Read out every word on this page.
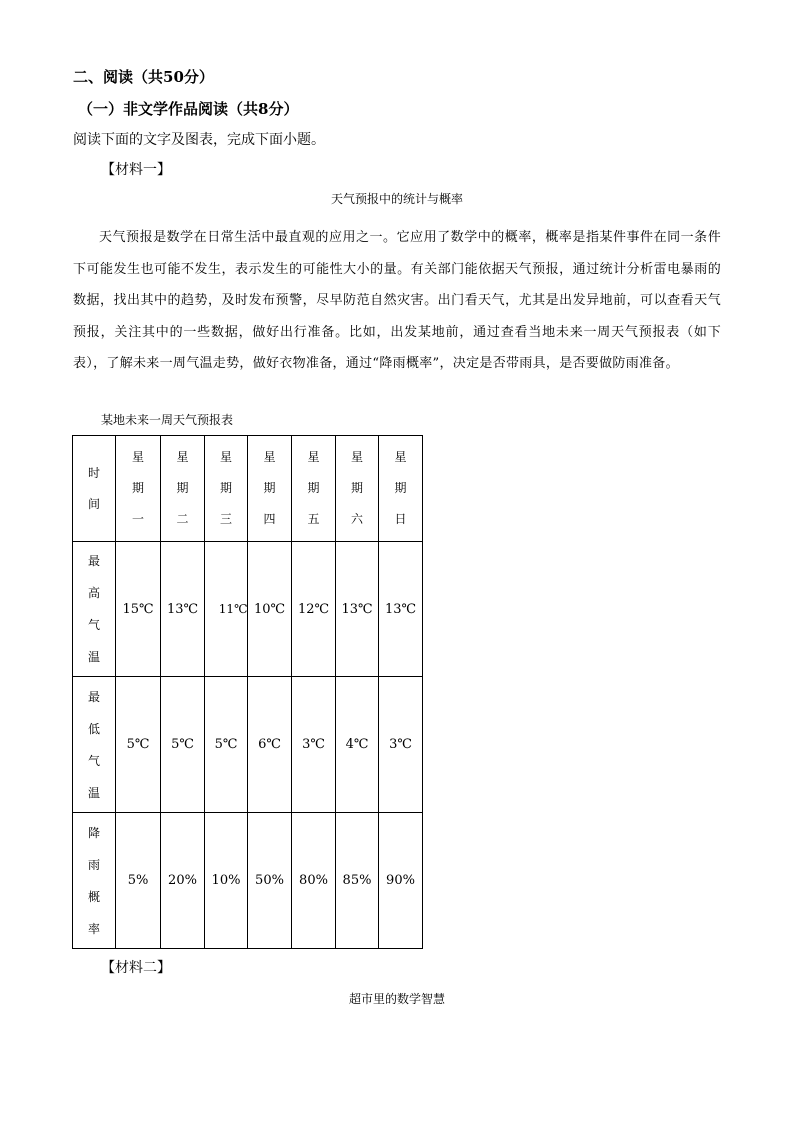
二、阅读（共50分）
（一）非文学作品阅读（共8分）
阅读下面的文字及图表，完成下面小题。
【材料一】
天气预报中的统计与概率
天气预报是数学在日常生活中最直观的应用之一。它应用了数学中的概率，概率是指某件事件在同一条件下可能发生也可能不发生，表示发生的可能性大小的量。有关部门能依据天气预报，通过统计分析雷电暴雨的数据，找出其中的趋势，及时发布预警，尽早防范自然灾害。出门看天气，尤其是出发异地前，可以查看天气预报，关注其中的一些数据，做好出行准备。比如，出发某地前，通过查看当地未来一周天气预报表（如下表），了解未来一周气温走势，做好衣物准备，通过“降雨概率”，决定是否带雨具，是否要做防雨准备。
某地未来一周天气预报表
时间	星期一	星期二	星期三	星期四	星期五	星期六	星期日
最高气温	15℃	13℃	11℃	10℃	12℃	13℃	13℃
最低气温	5℃	5℃	5℃	6℃	3℃	4℃	3℃
降雨概率	5%	20%	10%	50%	80%	85%	90%
【材料二】
超市里的数学智慧
